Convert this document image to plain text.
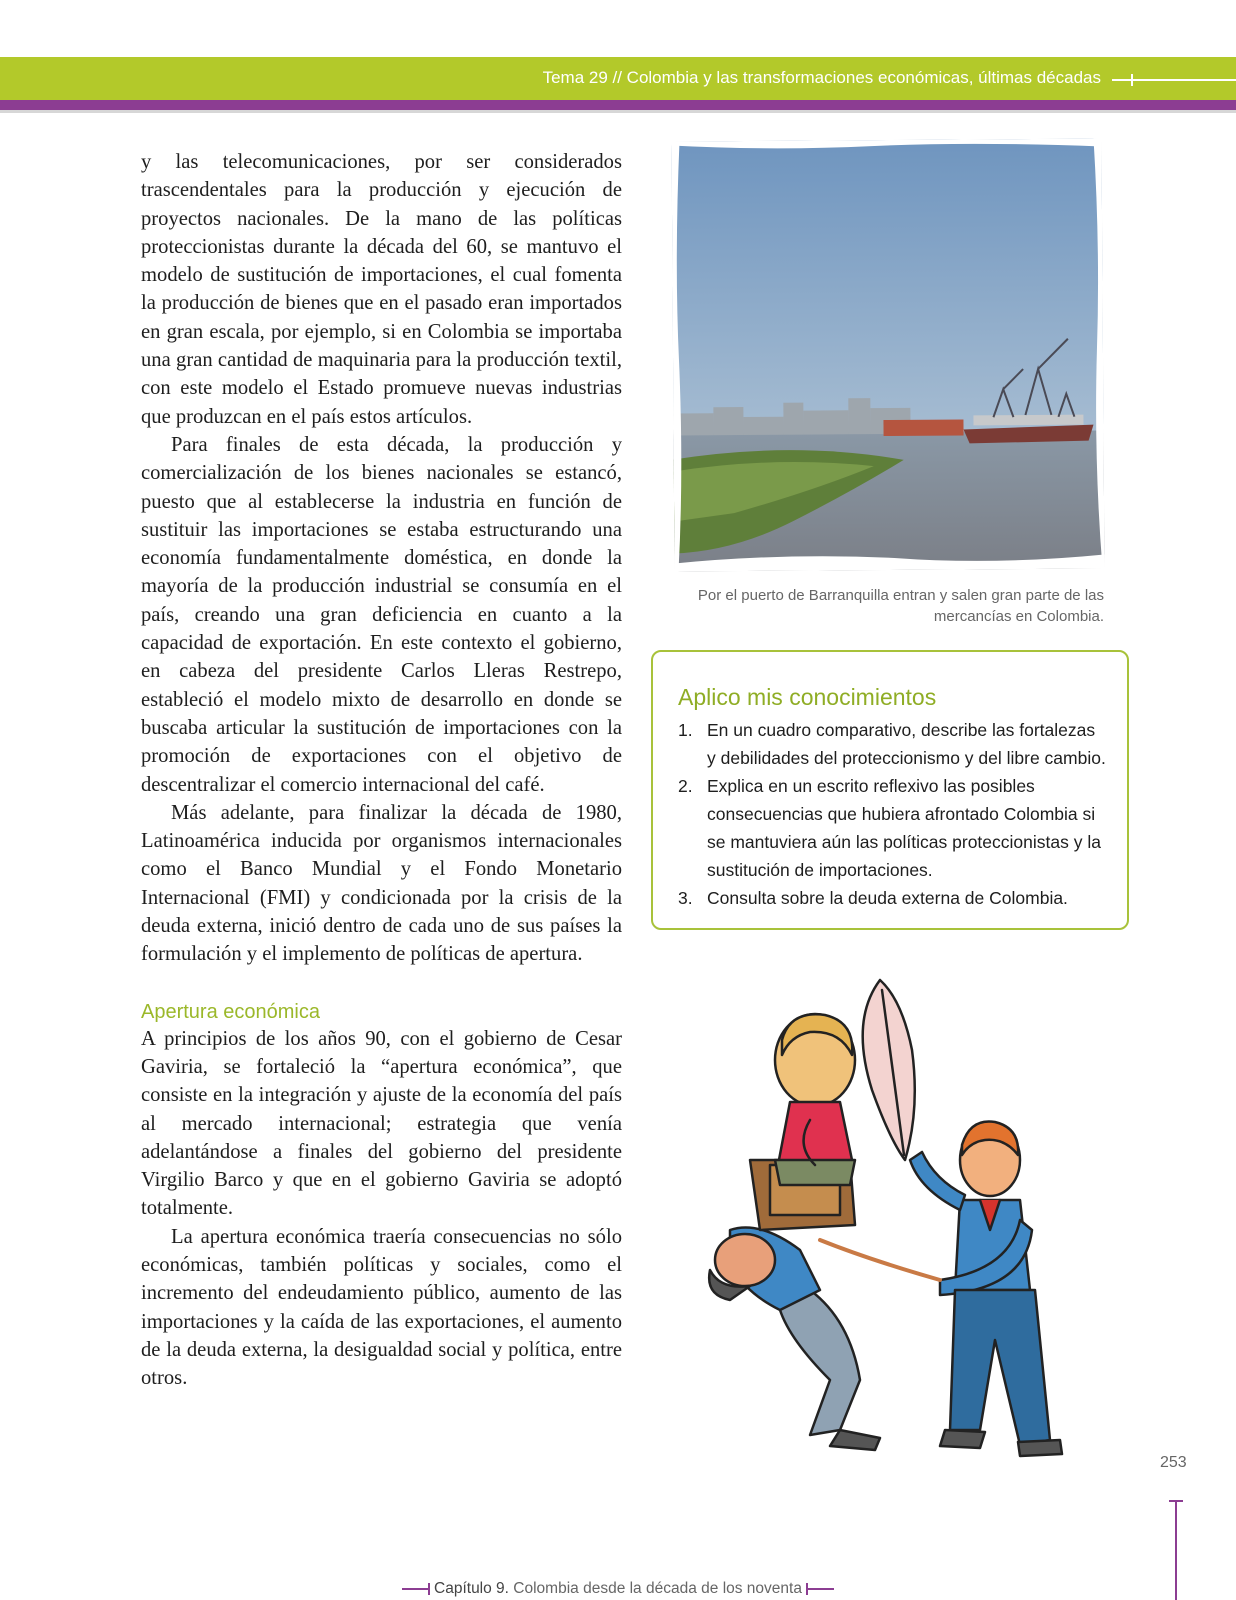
Tema 29 // Colombia y las transformaciones económicas, últimas décadas

y las telecomunicaciones, por ser considerados trascendentales para la producción y ejecución de proyectos nacionales. De la mano de las políticas proteccionistas durante la década del 60, se mantuvo el modelo de sustitución de importaciones, el cual fomenta la producción de bienes que en el pasado eran importados en gran escala, por ejemplo, si en Colombia se importaba una gran cantidad de maquinaria para la producción textil, con este modelo el Estado promueve nuevas industrias que produzcan en el país estos artículos.

Para finales de esta década, la producción y comercialización de los bienes nacionales se estancó, puesto que al establecerse la industria en función de sustituir las importaciones se estaba estructurando una economía fundamentalmente doméstica, en donde la mayoría de la producción industrial se consumía en el país, creando una gran deficiencia en cuanto a la capacidad de exportación. En este contexto el gobierno, en cabeza del presidente Carlos Lleras Restrepo, estableció el modelo mixto de desarrollo en donde se buscaba articular la sustitución de importaciones con la promoción de exportaciones con el objetivo de descentralizar el comercio internacional del café.

Más adelante, para finalizar la década de 1980, Latinoamérica inducida por organismos internacionales como el Banco Mundial y el Fondo Monetario Internacional (FMI) y condicionada por la crisis de la deuda externa, inició dentro de cada uno de sus países la formulación y el implemento de políticas de apertura.

Apertura económica

A principios de los años 90, con el gobierno de Cesar Gaviria, se fortaleció la “apertura económica”, que consiste en la integración y ajuste de la economía del país al mercado internacional; estrategia que venía adelantándose a finales del gobierno del presidente Virgilio Barco y que en el gobierno Gaviria se adoptó totalmente.

La apertura económica traería consecuencias no sólo económicas, también políticas y sociales, como el incremento del endeudamiento público, aumento de las importaciones y la caída de las exportaciones, el aumento de la deuda externa, la desigualdad social y política, entre otros.

Por el puerto de Barranquilla entran y salen gran parte de las mercancías en Colombia.
Aplico mis conocimientos
1. En un cuadro comparativo, describe las fortalezas y debilidades del proteccionismo y del libre cambio.
2. Explica en un escrito reflexivo las posibles consecuencias que hubiera afrontado Colombia si se mantuviera aún las políticas proteccionistas y la sustitución de importaciones.
3. Consulta sobre la deuda externa de Colombia.
253
Capítulo 9. Colombia desde la década de los noventa
